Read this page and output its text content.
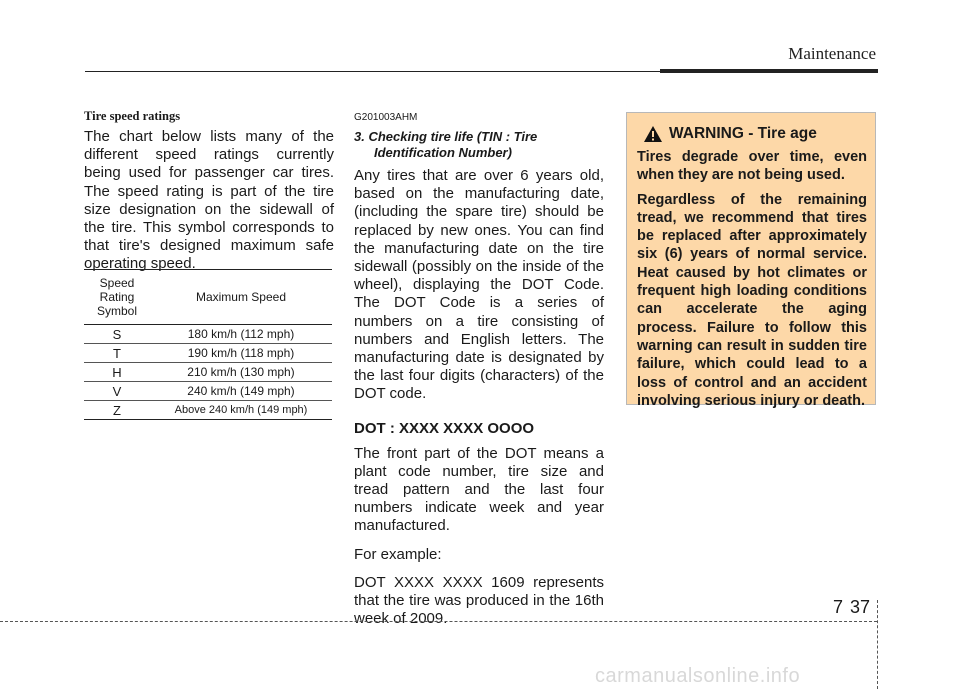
Maintenance
Tire speed ratings
The chart below lists many of the different speed ratings currently being used for passenger car tires. The speed rating is part of the tire size designation on the sidewall of the tire. This symbol corresponds to that tire's designed maximum safe operating speed.
Speed Rating Symbol	Maximum Speed
S	180 km/h (112 mph)
T	190 km/h (118 mph)
H	210 km/h (130 mph)
V	240 km/h (149 mph)
Z	Above 240 km/h (149 mph)
G201003AHM
3. Checking tire life (TIN : Tire
Identification Number)

Any tires that are over 6 years old, based on the manufacturing date, (including the spare tire) should be replaced by new ones. You can find the manufacturing date on the tire sidewall (possibly on the inside of the wheel), displaying the DOT Code. The DOT Code is a series of numbers on a tire consisting of numbers and English letters. The manufacturing date is designated by the last four digits (characters) of the DOT code.

DOT : XXXX XXXX OOOO

The front part of the DOT means a plant code number, tire size and tread pattern and the last four numbers indicate week and year manufactured.

For example:

DOT XXXX XXXX 1609 represents that the tire was produced in the 16th week of 2009.

WARNING - Tire age

Tires degrade over time, even when they are not being used.

Regardless of the remaining tread, we recommend that tires be replaced after approximately six (6) years of normal service. Heat caused by hot climates or frequent high loading conditions can accelerate the aging process. Failure to follow this warning can result in sudden tire failure, which could lead to a loss of control and an accident involving serious injury or death.

7 37
carmanualsonline.info
